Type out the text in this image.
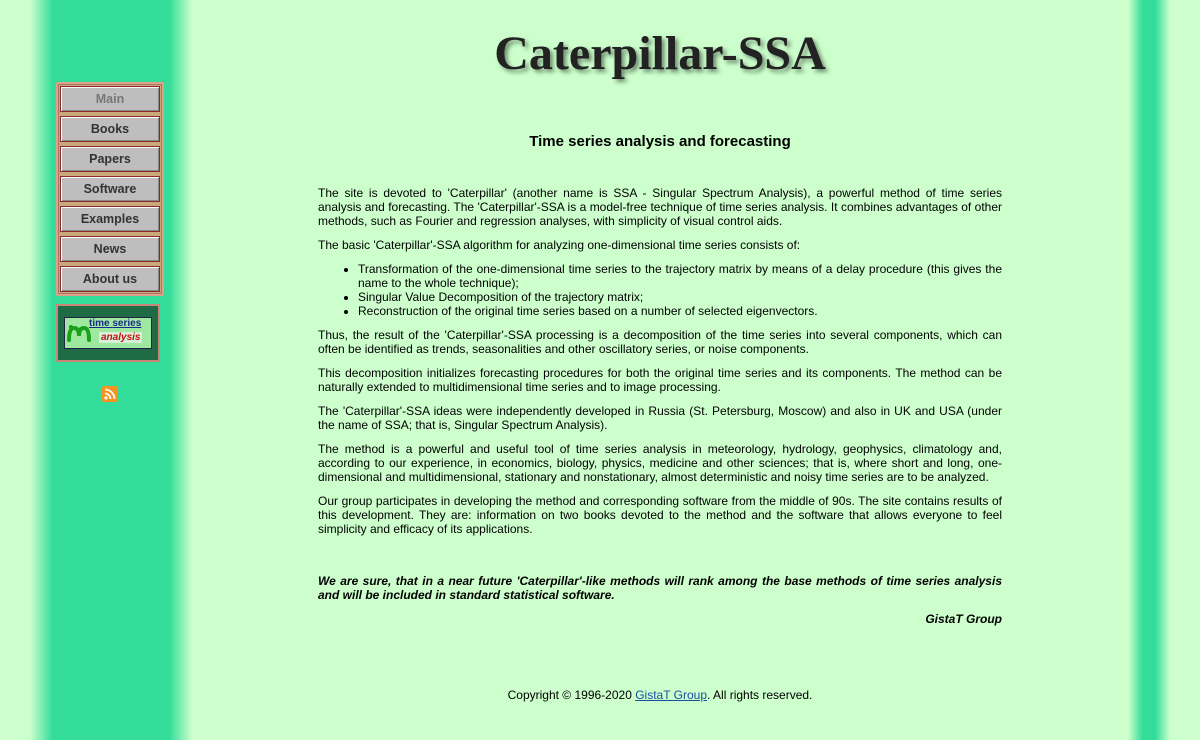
Main
Books
Papers
Software
Examples
News
About us
time series
analysis
Caterpillar-SSA
Time series analysis and forecasting

The site is devoted to 'Caterpillar' (another name is SSA - Singular Spectrum Analysis), a powerful method of time series analysis and forecasting. The 'Caterpillar'-SSA is a model-free technique of time series analysis. It combines advantages of other methods, such as Fourier and regression analyses, with simplicity of visual control aids.

The basic 'Caterpillar'-SSA algorithm for analyzing one-dimensional time series consists of:

• Transformation of the one-dimensional time series to the trajectory matrix by means of a delay procedure (this gives the name to the whole technique);
• Singular Value Decomposition of the trajectory matrix;
• Reconstruction of the original time series based on a number of selected eigenvectors.

Thus, the result of the 'Caterpillar'-SSA processing is a decomposition of the time series into several components, which can often be identified as trends, seasonalities and other oscillatory series, or noise components.

This decomposition initializes forecasting procedures for both the original time series and its components. The method can be naturally extended to multidimensional time series and to image processing.

The 'Caterpillar'-SSA ideas were independently developed in Russia (St. Petersburg, Moscow) and also in UK and USA (under the name of SSA; that is, Singular Spectrum Analysis).

The method is a powerful and useful tool of time series analysis in meteorology, hydrology, geophysics, climatology and, according to our experience, in economics, biology, physics, medicine and other sciences; that is, where short and long, one-dimensional and multidimensional, stationary and nonstationary, almost deterministic and noisy time series are to be analyzed.

Our group participates in developing the method and corresponding software from the middle of 90s. The site contains results of this development. They are: information on two books devoted to the method and the software that allows everyone to feel simplicity and efficacy of its applications.

We are sure, that in a near future 'Caterpillar'-like methods will rank among the base methods of time series analysis and will be included in standard statistical software.

GistaT Group

Copyright © 1996-2020 GistaT Group. All rights reserved.
